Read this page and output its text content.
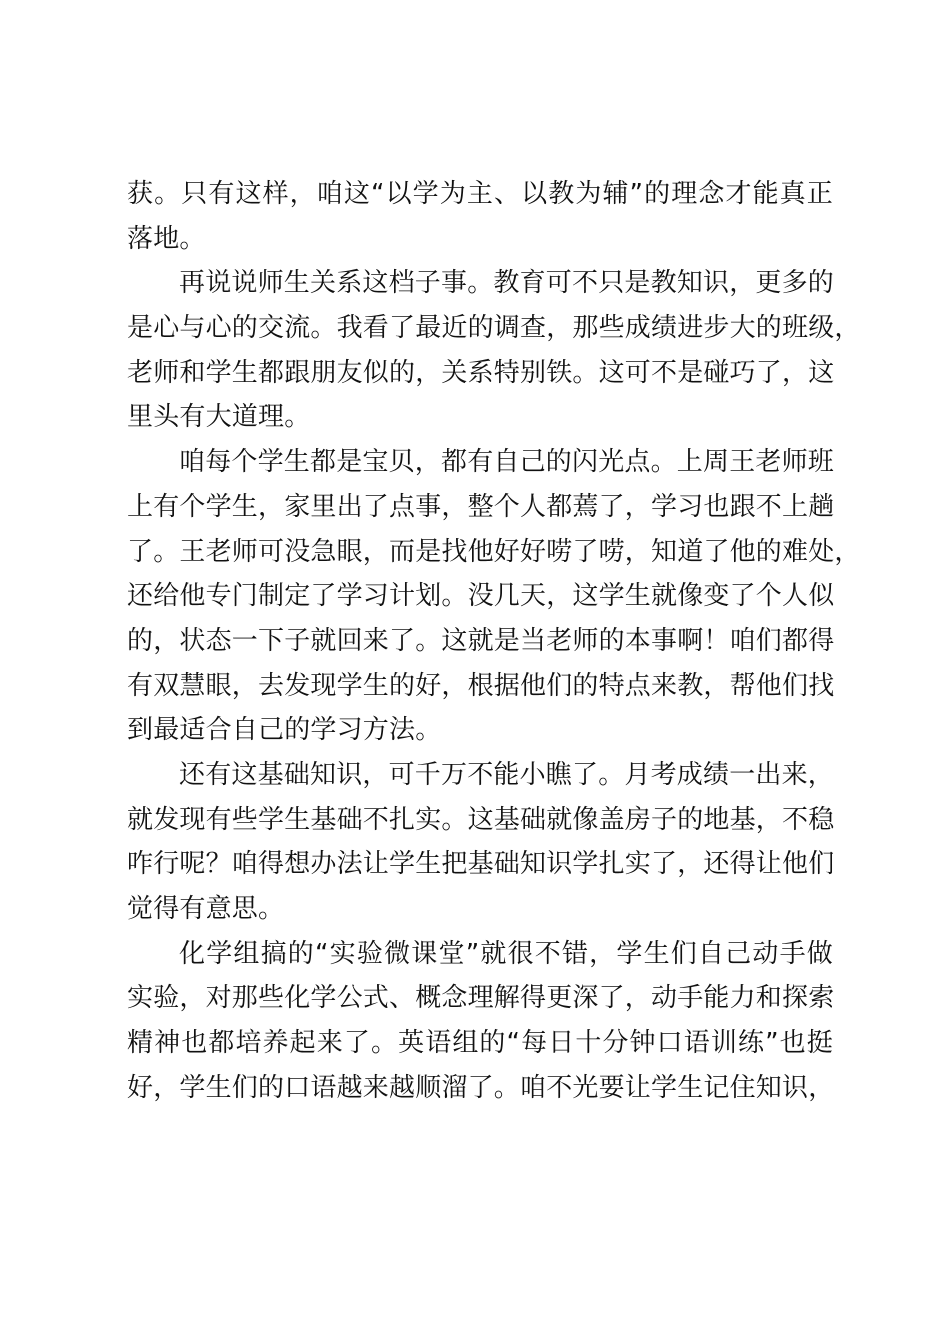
获。只有这样，咱这“以学为主、以教为辅”的理念才能真正
落地。
再说说师生关系这档子事。教育可不只是教知识，更多的
是心与心的交流。我看了最近的调查，那些成绩进步大的班级，
老师和学生都跟朋友似的，关系特别铁。这可不是碰巧了，这
里头有大道理。
咱每个学生都是宝贝，都有自己的闪光点。上周王老师班
上有个学生，家里出了点事，整个人都蔫了，学习也跟不上趟
了。王老师可没急眼，而是找他好好唠了唠，知道了他的难处，
还给他专门制定了学习计划。没几天，这学生就像变了个人似
的，状态一下子就回来了。这就是当老师的本事啊！咱们都得
有双慧眼，去发现学生的好，根据他们的特点来教，帮他们找
到最适合自己的学习方法。
还有这基础知识，可千万不能小瞧了。月考成绩一出来，
就发现有些学生基础不扎实。这基础就像盖房子的地基，不稳
咋行呢？咱得想办法让学生把基础知识学扎实了，还得让他们
觉得有意思。
化学组搞的“实验微课堂”就很不错，学生们自己动手做
实验，对那些化学公式、概念理解得更深了，动手能力和探索
精神也都培养起来了。英语组的“每日十分钟口语训练”也挺
好，学生们的口语越来越顺溜了。咱不光要让学生记住知识，
